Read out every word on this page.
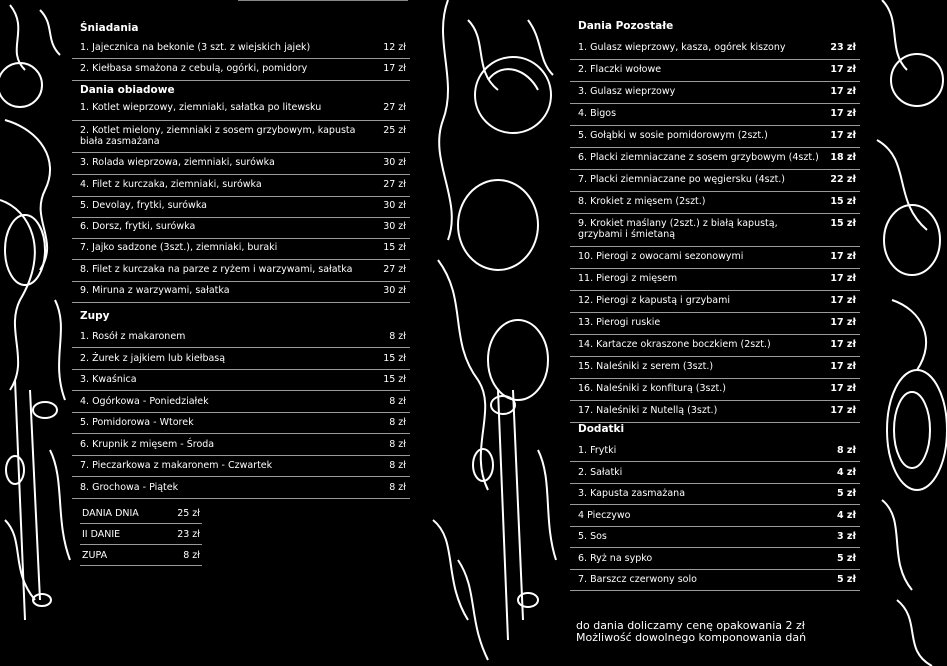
Śniadania
1. Jajecznica na bekonie (3 szt. z wiejskich jajek)	12 zł
2. Kiełbasa smażona z cebulą, ogórki, pomidory	17 zł
Dania obiadowe
1. Kotlet wieprzowy, ziemniaki, sałatka po litewsku	27 zł
2. Kotlet mielony, ziemniaki z sosem grzybowym, kapusta biała zasmażana
25 zł
3. Rolada wieprzowa, ziemniaki, surówka	30 zł
4. Filet z kurczaka, ziemniaki, surówka	27 zł
5. Devolay, frytki, surówka	30 zł
6. Dorsz, frytki, surówka	30 zł
7. Jajko sadzone (3szt.), ziemniaki, buraki	15 zł
8. Filet z kurczaka na parze z ryżem i warzywami, sałatka	27 zł
9. Miruna z warzywami, sałatka	30 zł
Zupy
1. Rosół z makaronem	8 zł
2. Żurek z jajkiem lub kiełbasą	15 zł
3. Kwaśnica	15 zł
4. Ogórkowa - Poniedziałek	8 zł
5. Pomidorowa - Wtorek	8 zł
6. Krupnik z mięsem - Środa	8 zł
7. Pieczarkowa z makaronem - Czwartek	8 zł
8. Grochowa - Piątek	8 zł
Dania Pozostałe
1. Gulasz wieprzowy, kasza, ogórek kiszony	23 zł
2. Flaczki wołowe	17 zł
3. Gulasz wieprzowy	17 zł
4. Bigos	17 zł
5. Gołąbki w sosie pomidorowym (2szt.)	17 zł
6. Placki ziemniaczane z sosem grzybowym (4szt.) 18 zł
7. Placki ziemniaczane po węgiersku (4szt.)	22 zł
8. Krokiet z mięsem (2szt.)	15 zł
9. Krokiet maślany (2szt.) z białą kapustą, grzybami i śmietaną
15 zł
10. Pierogi z owocami sezonowymi	17 zł
11. Pierogi z mięsem	17 zł
12. Pierogi z kapustą i grzybami	17 zł
13. Pierogi ruskie	17 zł
14. Kartacze okraszone boczkiem (2szt.)	17 zł
15. Naleśniki z serem (3szt.)	17 zł
16. Naleśniki z konfiturą (3szt.)	17 zł
17. Naleśniki z Nutellą (3szt.)	17 zł
Dodatki
1. Frytki	8 zł
2. Sałatki	4 zł
3. Kapusta zasmażana	5 zł
4 Pieczywo	4 zł
5. Sos	3 zł
6. Ryż na sypko	5 zł
7. Barszcz czerwony solo	5 zł
DANIA DNIA	25 zł
II DANIE	23 zł
ZUPA	8 zł
do dania doliczamy cenę opakowania 2 zł
Możliwość dowolnego komponowania dań
